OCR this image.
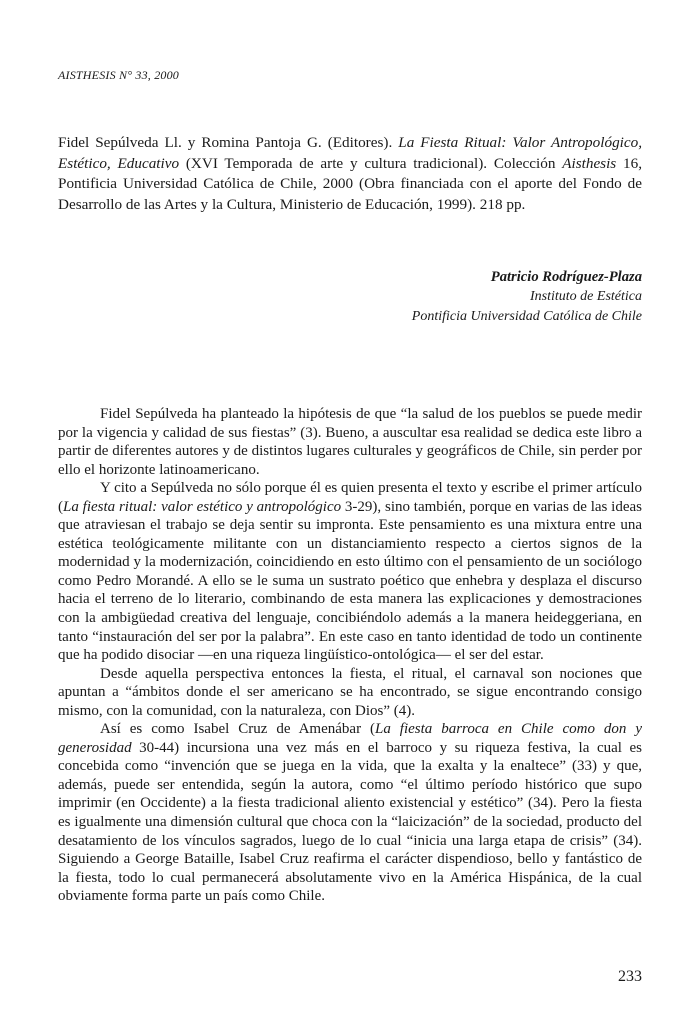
AISTHESIS N° 33, 2000
Fidel Sepúlveda Ll. y Romina Pantoja G. (Editores). La Fiesta Ritual: Valor Antropológico, Estético, Educativo (XVI Temporada de arte y cultura tradicional). Colección Aisthesis 16, Pontificia Universidad Católica de Chile, 2000 (Obra financiada con el aporte del Fondo de Desarrollo de las Artes y la Cultura, Ministerio de Educación, 1999). 218 pp.
Patricio Rodríguez-Plaza
Instituto de Estética
Pontificia Universidad Católica de Chile

Fidel Sepúlveda ha planteado la hipótesis de que “la salud de los pueblos se puede medir por la vigencia y calidad de sus fiestas” (3). Bueno, a auscultar esa realidad se dedica este libro a partir de diferentes autores y de distintos lugares culturales y geográficos de Chile, sin perder por ello el horizonte latinoamericano.

Y cito a Sepúlveda no sólo porque él es quien presenta el texto y escribe el primer artículo (La fiesta ritual: valor estético y antropológico 3-29), sino también, porque en varias de las ideas que atraviesan el trabajo se deja sentir su impronta. Este pensamiento es una mixtura entre una estética teológicamente militante con un distanciamiento respecto a ciertos signos de la modernidad y la modernización, coincidiendo en esto último con el pensamiento de un sociólogo como Pedro Morandé. A ello se le suma un sustrato poético que enhebra y desplaza el discurso hacia el terreno de lo literario, combinando de esta manera las explicaciones y demostraciones con la ambigüedad creativa del lenguaje, concibiéndolo además a la manera heideggeriana, en tanto “instauración del ser por la palabra”. En este caso en tanto identidad de todo un continente que ha podido disociar —en una riqueza lingüístico-ontológica— el ser del estar.

Desde aquella perspectiva entonces la fiesta, el ritual, el carnaval son nociones que apuntan a “ámbitos donde el ser americano se ha encontrado, se sigue encontrando consigo mismo, con la comunidad, con la naturaleza, con Dios” (4).

Así es como Isabel Cruz de Amenábar (La fiesta barroca en Chile como don y generosidad 30-44) incursiona una vez más en el barroco y su riqueza festiva, la cual es concebida como “invención que se juega en la vida, que la exalta y la enaltece” (33) y que, además, puede ser entendida, según la autora, como “el último período histórico que supo imprimir (en Occidente) a la fiesta tradicional aliento existencial y estético” (34). Pero la fiesta es igualmente una dimensión cultural que choca con la “laicización” de la sociedad, producto del desatamiento de los vínculos sagrados, luego de lo cual “inicia una larga etapa de crisis” (34). Siguiendo a George Bataille, Isabel Cruz reafirma el carácter dispendioso, bello y fantástico de la fiesta, todo lo cual permanecerá absolutamente vivo en la América Hispánica, de la cual obviamente forma parte un país como Chile.

233
